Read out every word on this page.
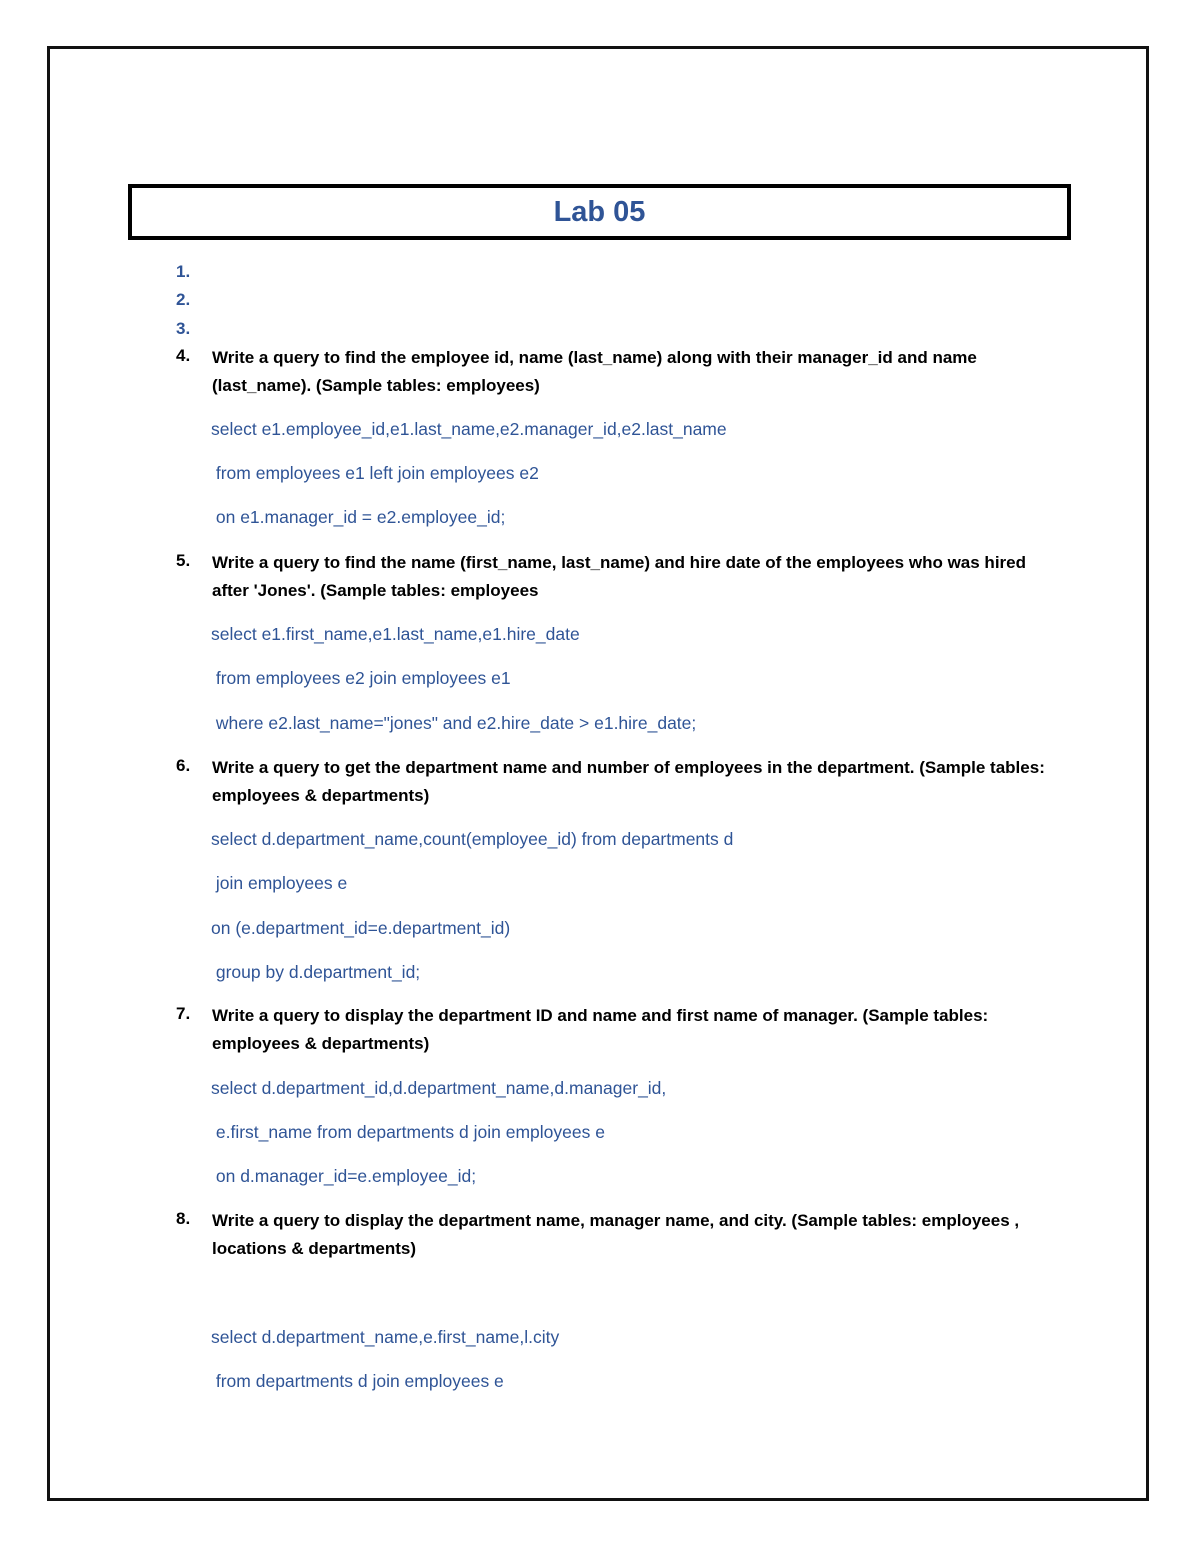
Lab 05
1.
2.
3.
4. Write a query to find the employee id, name (last_name) along with their manager_id and name (last_name). (Sample tables: employees)
select e1.employee_id,e1.last_name,e2.manager_id,e2.last_name
from employees e1 left join employees e2
on e1.manager_id = e2.employee_id;
5. Write a query to find the name (first_name, last_name) and hire date of the employees who was hired after 'Jones'. (Sample tables: employees
select e1.first_name,e1.last_name,e1.hire_date
from employees e2 join employees e1
where e2.last_name="jones" and e2.hire_date > e1.hire_date;
6. Write a query to get the department name and number of employees in the department. (Sample tables: employees & departments)
select d.department_name,count(employee_id) from departments d
join employees e
on (e.department_id=e.department_id)
group by d.department_id;
7. Write a query to display the department ID and name and first name of manager. (Sample tables: employees & departments)
select d.department_id,d.department_name,d.manager_id,
e.first_name from departments d join employees e
on d.manager_id=e.employee_id;
8. Write a query to display the department name, manager name, and city. (Sample tables: employees , locations & departments)
select d.department_name,e.first_name,l.city
from departments d join employees e
